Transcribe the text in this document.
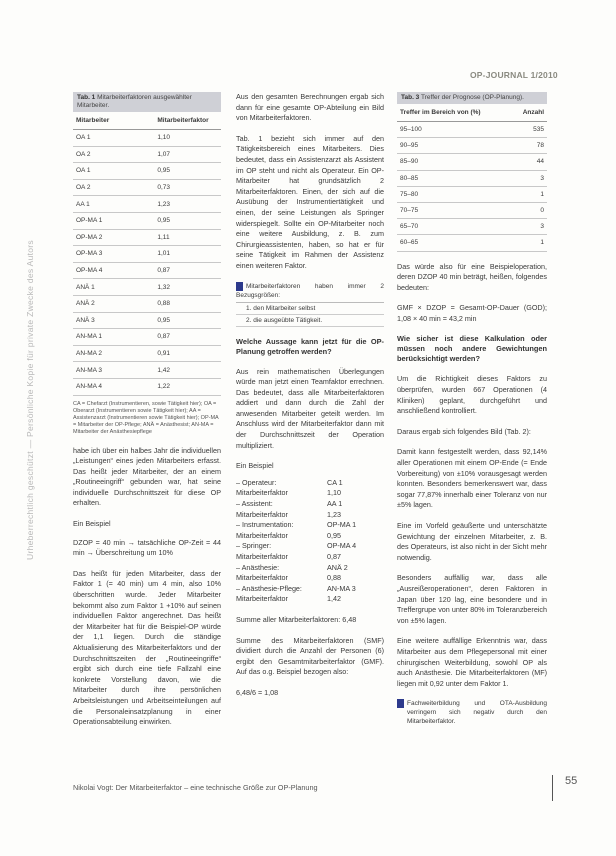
OP-JOURNAL 1/2010
Urheberrechtlich geschützt — Persönliche Kopie für private Zwecke des Autors
Tab. 1 Mitarbeiterfaktoren ausgewählter Mitarbeiter.
Mitarbeiter	Mitarbeiterfaktor
OA 1	1,10
OA 2	1,07
OA 1	0,95
OA 2	0,73
AA 1	1,23
OP-MA 1	0,95
OP-MA 2	1,11
OP-MA 3	1,01
OP-MA 4	0,87
ANÄ 1	1,32
ANÄ 2	0,88
ANÄ 3	0,95
AN-MA 1	0,87
AN-MA 2	0,91
AN-MA 3	1,42
AN-MA 4	1,22
CA = Chefarzt (Instrumentieren, sowie Tätigkeit hier); OA = Oberarzt (Instrumentieren sowie Tätigkeit hier); AA = Assistenzarzt (Instrumentieren sowie Tätigkeit hier); OP-MA = Mitarbeiter der OP-Pflege; ANÄ = Anästhesist; AN-MA = Mitarbeiter der Anästhesiepflege

habe ich über ein halbes Jahr die individuellen „Leistungen“ eines jeden Mitarbeiters erfasst. Das heißt jeder Mitarbeiter, der an einem „Routineeingriff“ gebunden war, hat seine individuelle Durchschnittszeit für diese OP erhalten.

Ein Beispiel

DZOP = 40 min → tatsächliche OP-Zeit = 44 min → Überschreitung um 10%

Das heißt für jeden Mitarbeiter, dass der Faktor 1 (= 40 min) um 4 min, also 10% überschritten wurde. Jeder Mitarbeiter bekommt also zum Faktor 1 +10% auf seinen individuellen Faktor angerechnet. Das heißt der Mitarbeiter hat für die Beispiel-OP würde der 1,1 liegen. Durch die ständige Aktualisierung des Mitarbeiterfaktors und der Durchschnittszeiten der „Routineeingriffe“ ergibt sich durch eine tiefe Fallzahl eine konkrete Vorstellung davon, wie die Mitarbeiter durch ihre persönlichen Arbeitsleistungen und Arbeitseinteilungen auf die Personaleinsatzplanung in einer Operationsabteilung einwirken.

Aus den gesamten Berechnungen ergab sich dann für eine gesamte OP-Abteilung ein Bild von Mitarbeiterfaktoren.

Tab. 1 bezieht sich immer auf den Tätigkeitsbereich eines Mitarbeiters. Dies bedeutet, dass ein Assistenzarzt als Assistent im OP steht und nicht als Operateur. Ein OP-Mitarbeiter hat grundsätzlich 2 Mitarbeiterfaktoren. Einen, der sich auf die Ausübung der Instrumentiertätigkeit und einen, der seine Leistungen als Springer widerspiegelt. Sollte ein OP-Mitarbeiter noch eine weitere Ausbildung, z. B. zum Chirurgieassistenten, haben, so hat er für seine Tätigkeit im Rahmen der Assistenz einen weiteren Faktor.

Mitarbeiterfaktoren haben immer 2 Bezugsgrößen:
1. den Mitarbeiter selbst
2. die ausgeübte Tätigkeit.

Welche Aussage kann jetzt für die OP-Planung getroffen werden?

Aus rein mathematischen Überlegungen würde man jetzt einen Teamfaktor errechnen. Das bedeutet, dass alle Mitarbeiterfaktoren addiert und dann durch die Zahl der anwesenden Mitarbeiter geteilt werden. Im Anschluss wird der Mitarbeiterfaktor dann mit der Durchschnittszeit der Operation multipliziert.

Ein Beispiel

– Operateur:	CA 1
Mitarbeiterfaktor	1,10
– Assistent:	AA 1
Mitarbeiterfaktor	1,23
– Instrumentation:	OP-MA 1
Mitarbeiterfaktor	0,95
– Springer:	OP-MA 4
Mitarbeiterfaktor	0,87
– Anästhesie:	ANÄ 2
Mitarbeiterfaktor	0,88
– Anästhesie-Pflege:	AN-MA 3
Mitarbeiterfaktor	1,42

Summe aller Mitarbeiterfaktoren: 6,48

Summe des Mitarbeiterfaktoren (SMF) dividiert durch die Anzahl der Personen (6) ergibt den Gesamtmitarbeiterfaktor (GMF). Auf das o.g. Beispiel bezogen also:

6,48/6 = 1,08

Tab. 3 Treffer der Prognose (OP-Planung).
Treffer im Bereich von (%)	Anzahl
95–100	535
90–95	78
85–90	44
80–85	3
75–80	1
70–75	0
65–70	3
60–65	1

Das würde also für eine Beispieloperation, deren DZOP 40 min beträgt, heißen, folgendes bedeuten:

GMF × DZOP = Gesamt-OP-Dauer (GOD); 1,08 × 40 min = 43,2 min

Wie sicher ist diese Kalkulation oder müssen noch andere Gewichtungen berücksichtigt werden?

Um die Richtigkeit dieses Faktors zu überprüfen, wurden 667 Operationen (4 Kliniken) geplant, durchgeführt und anschließend kontrolliert.

Daraus ergab sich folgendes Bild (Tab. 2):

Damit kann festgestellt werden, dass 92,14% aller Operationen mit einem OP-Ende (= Ende Vorbereitung) von ±10% vorausgesagt werden konnten. Besonders bemerkenswert war, dass sogar 77,87% innerhalb einer Toleranz von nur ±5% lagen.

Eine im Vorfeld geäußerte und unterschätzte Gewichtung der einzelnen Mitarbeiter, z. B. des Operateurs, ist also nicht in der Sicht mehr notwendig.

Besonders auffällig war, dass alle „Ausreißeroperationen“, deren Faktoren in Japan über 120 lag, eine besondere und in Treffergrupe von unter 80% im Toleranzbereich von ±5% lagen.

Eine weitere auffällige Erkenntnis war, dass Mitarbeiter aus dem Pflegepersonal mit einer chirurgischen Weiterbildung, sowohl OP als auch Anästhesie. Die Mitarbeiterfaktoren (MF) liegen mit 0,92 unter dem Faktor 1.

Fachweiterbildung und OTA-Ausbildung verringern sich negativ durch den Mitarbeiterfaktor.
Nikolai Vogt: Der Mitarbeiterfaktor – eine technische Größe zur OP-Planung
55
